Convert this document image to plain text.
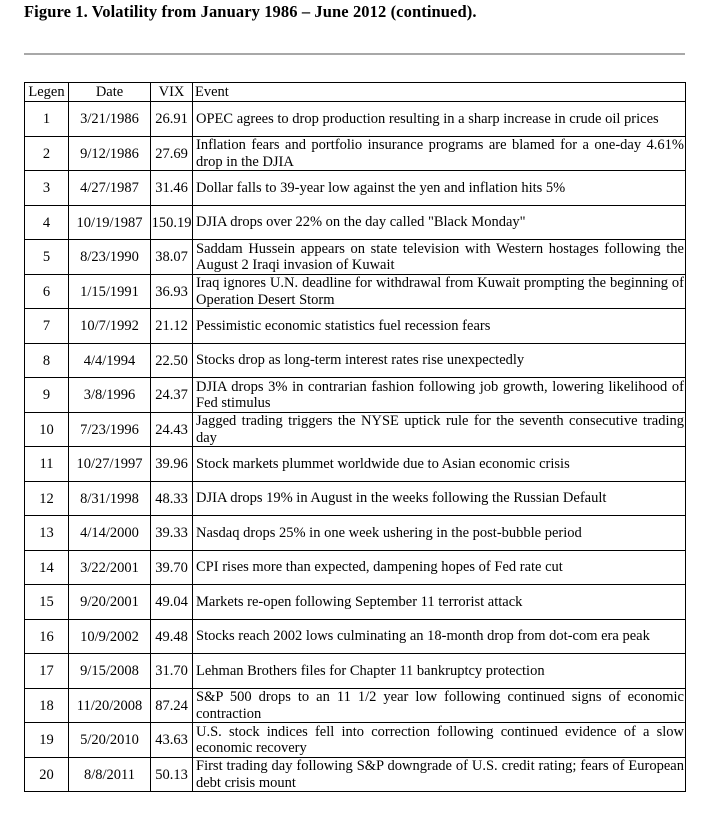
Figure 1. Volatility from January 1986 – June 2012 (continued).
Legen	Date	VIX	Event
1	3/21/1986	26.91	OPEC agrees to drop production resulting in a sharp increase in crude oil prices
2	9/12/1986	27.69	Inflation fears and portfolio insurance programs are blamed for a one-day 4.61% drop in the DJIA
3	4/27/1987	31.46	Dollar falls to 39-year low against the yen and inflation hits 5%
4	10/19/1987	150.19	DJIA drops over 22% on the day called "Black Monday"
5	8/23/1990	38.07	Saddam Hussein appears on state television with Western hostages following the August 2 Iraqi invasion of Kuwait
6	1/15/1991	36.93	Iraq ignores U.N. deadline for withdrawal from Kuwait prompting the beginning of Operation Desert Storm
7	10/7/1992	21.12	Pessimistic economic statistics fuel recession fears
8	4/4/1994	22.50	Stocks drop as long-term interest rates rise unexpectedly
9	3/8/1996	24.37	DJIA drops 3% in contrarian fashion following job growth, lowering likelihood of Fed stimulus
10	7/23/1996	24.43	Jagged trading triggers the NYSE uptick rule for the seventh consecutive trading day
11	10/27/1997	39.96	Stock markets plummet worldwide due to Asian economic crisis
12	8/31/1998	48.33	DJIA drops 19% in August in the weeks following the Russian Default
13	4/14/2000	39.33	Nasdaq drops 25% in one week ushering in the post-bubble period
14	3/22/2001	39.70	CPI rises more than expected, dampening hopes of Fed rate cut
15	9/20/2001	49.04	Markets re-open following September 11 terrorist attack
16	10/9/2002	49.48	Stocks reach 2002 lows culminating an 18-month drop from dot-com era peak
17	9/15/2008	31.70	Lehman Brothers files for Chapter 11 bankruptcy protection
18	11/20/2008	87.24	S&P 500 drops to an 11 1/2 year low following continued signs of economic contraction
19	5/20/2010	43.63	U.S. stock indices fell into correction following continued evidence of a slow economic recovery
20	8/8/2011	50.13	First trading day following S&P downgrade of U.S. credit rating; fears of European debt crisis mount
